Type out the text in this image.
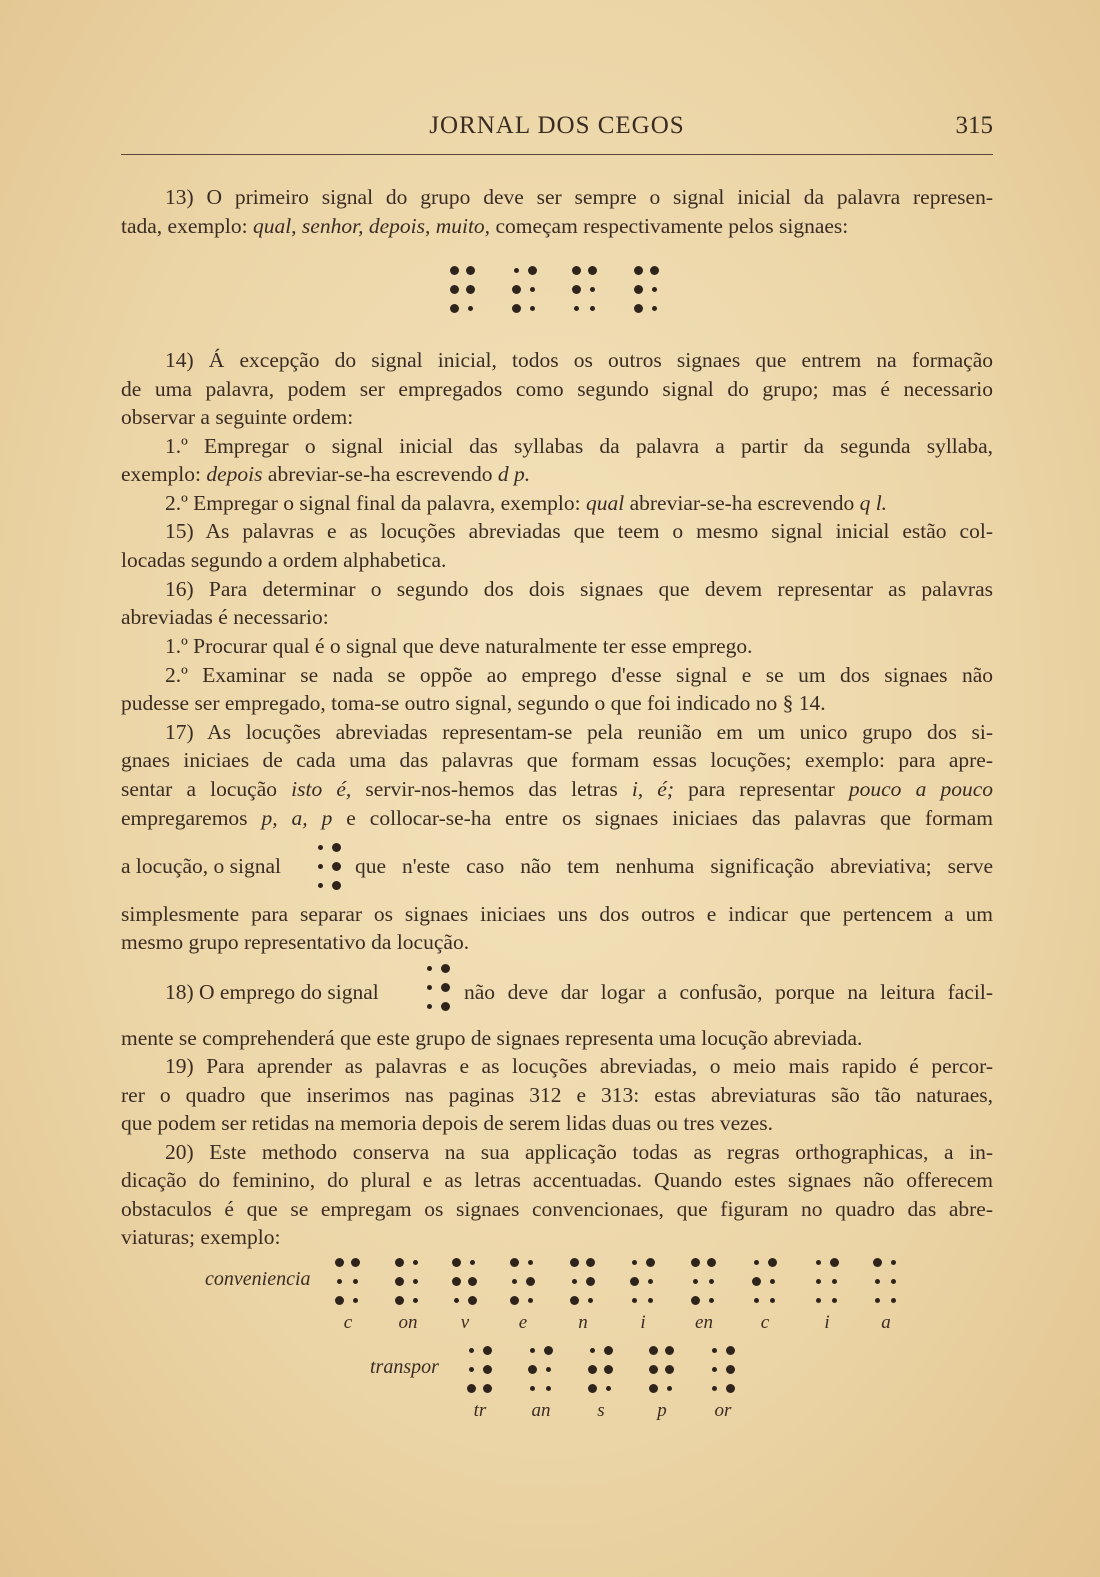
JORNAL DOS CEGOS	315
13) O primeiro signal do grupo deve ser sempre o signal inicial da palavra represen-
tada, exemplo: qual, senhor, depois, muito, começam respectivamente pelos signaes:
14) Á excepção do signal inicial, todos os outros signaes que entrem na formação
de uma palavra, podem ser empregados como segundo signal do grupo; mas é necessario
observar a seguinte ordem:
1.º Empregar o signal inicial das syllabas da palavra a partir da segunda syllaba,
exemplo: depois abreviar-se-ha escrevendo d p.
2.º Empregar o signal final da palavra, exemplo: qual abreviar-se-ha escrevendo q l.
15) As palavras e as locuções abreviadas que teem o mesmo signal inicial estão col-
locadas segundo a ordem alphabetica.
16) Para determinar o segundo dos dois signaes que devem representar as palavras
abreviadas é necessario:
1.º Procurar qual é o signal que deve naturalmente ter esse emprego.
2.º Examinar se nada se oppõe ao emprego d'esse signal e se um dos signaes não
pudesse ser empregado, toma-se outro signal, segundo o que foi indicado no § 14.
17) As locuções abreviadas representam-se pela reunião em um unico grupo dos si-
gnaes iniciaes de cada uma das palavras que formam essas locuções; exemplo: para apre-
sentar a locução isto é, servir-nos-hemos das letras i, é; para representar pouco a pouco
empregaremos p, a, p e collocar-se-ha entre os signaes iniciaes das palavras que formam
a locução, o signal	que n'este caso não tem nenhuma significação abreviativa; serve
simplesmente para separar os signaes iniciaes uns dos outros e indicar que pertencem a um
mesmo grupo representativo da locução.
18) O emprego do signal	não deve dar logar a confusão, porque na leitura facil-
mente se comprehenderá que este grupo de signaes representa uma locução abreviada.
19) Para aprender as palavras e as locuções abreviadas, o meio mais rapido é percor-
rer o quadro que inserimos nas paginas 312 e 313: estas abreviaturas são tão naturaes,
que podem ser retidas na memoria depois de serem lidas duas ou tres vezes.
20) Este methodo conserva na sua applicação todas as regras orthographicas, a in-
dicação do feminino, do plural e as letras accentuadas. Quando estes signaes não offerecem
obstaculos é que se empregam os signaes convencionaes, que figuram no quadro das abre-
viaturas; exemplo:
conveniencia
c	on	v	e	n	i	en	c	i	a
transpor
tr	an	s	p	or
